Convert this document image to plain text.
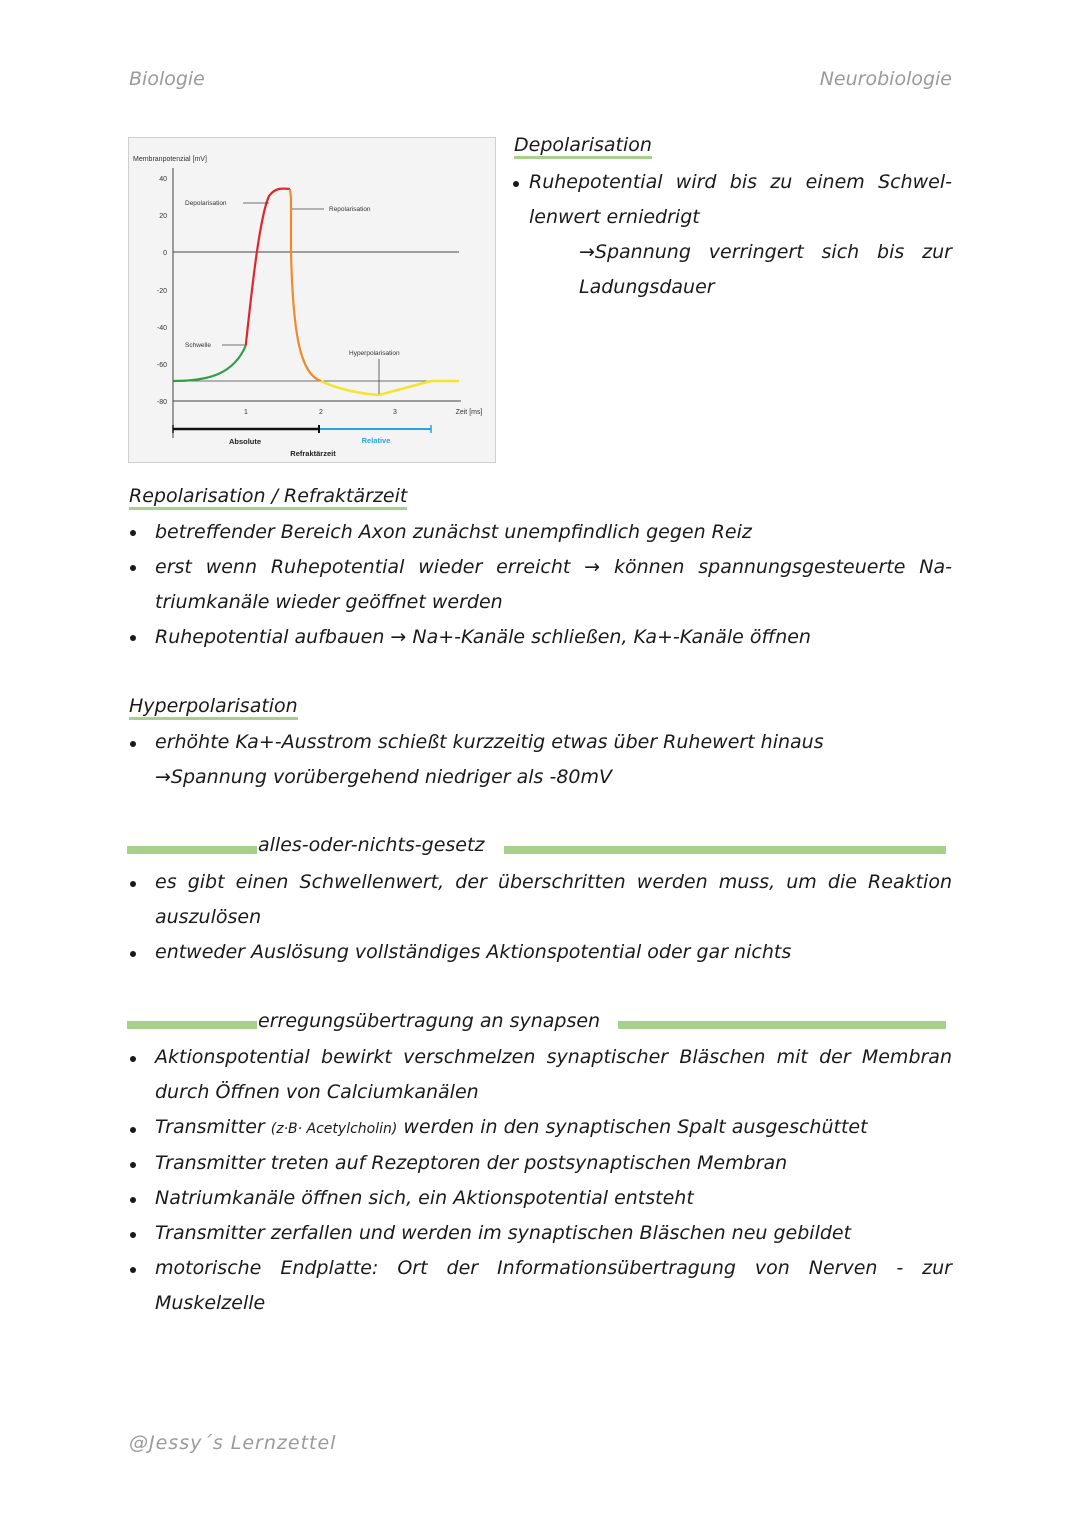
Biologie	Neurobiologie
Membranpotenzial [mV]
40
20
0
-20
-40
-60
-80
1	2	3	Zeit [ms]
Depolarisation
Repolarisation
Schwelle
Hyperpolarisation
Absolute	Relative
Refraktärzeit
Depolarisation
Ruhepotential wird bis zu einem Schwel-
lenwert erniedrigt
→Spannung verringert sich bis zur
Ladungsdauer
Repolarisation / Refraktärzeit
betreffender Bereich Axon zunächst unempfindlich gegen Reiz
erst wenn Ruhepotential wieder erreicht → können spannungsgesteuerte Na-
triumkanäle wieder geöffnet werden
Ruhepotential aufbauen → Na+-Kanäle schließen, Ka+-Kanäle öffnen
Hyperpolarisation
erhöhte Ka+-Ausstrom schießt kurzzeitig etwas über Ruhewert hinaus
→Spannung vorübergehend niedriger als -80mV
alles-oder-nichts-gesetz
es gibt einen Schwellenwert, der überschritten werden muss, um die Reaktion
auszulösen
entweder Auslösung vollständiges Aktionspotential oder gar nichts
erregungsübertragung an synapsen
Aktionspotential bewirkt verschmelzen synaptischer Bläschen mit der Membran
durch Öffnen von Calciumkanälen
Transmitter (z·B· Acetylcholin) werden in den synaptischen Spalt ausgeschüttet
Transmitter treten auf Rezeptoren der postsynaptischen Membran
Natriumkanäle öffnen sich, ein Aktionspotential entsteht
Transmitter zerfallen und werden im synaptischen Bläschen neu gebildet
motorische Endplatte: Ort der Informationsübertragung von Nerven - zur
Muskelzelle
@Jessy´s Lernzettel
